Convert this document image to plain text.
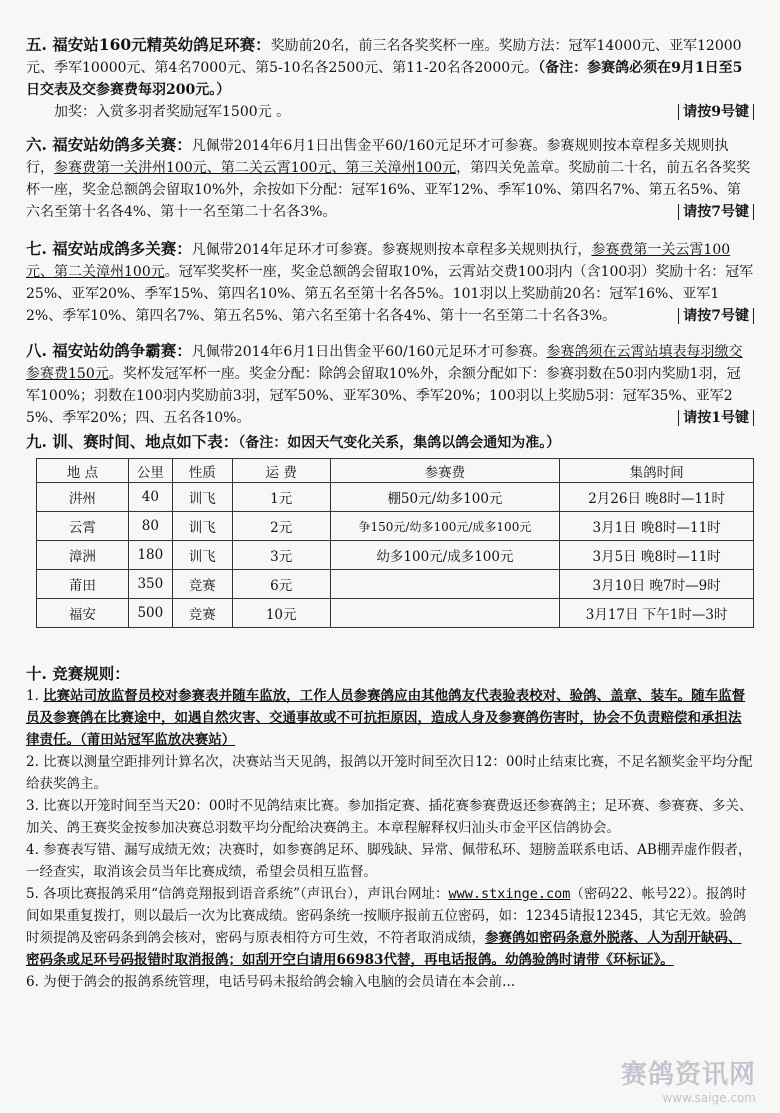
五. 福安站160元精英幼鸽足环赛：奖励前20名，前三名各奖奖杯一座。奖励方法：冠军14000元、亚军12000元、季军10000元、第4名7000元、第5-10名各2500元、第11-20名各2000元。（备注：参赛鸽必须在9月1日至5日交表及交参赛费每羽200元。）
加奖：入赏多羽者奖励冠军1500元 。	请按9号键

六. 福安站幼鸽多关赛：凡佩带2014年6月1日出售金平60/160元足环才可参赛。参赛规则按本章程多关规则执行，参赛费第一关汫州100元、第二关云霄100元、第三关漳州100元，第四关免盖章。奖励前二十名，前五名各奖奖杯一座，奖金总额鸽会留取10%外，余按如下分配：冠军16%、亚军12%、季军10%、第四名7%、第五名5%、第六名至第十名各4%、第十一名至第二十名各3%。	请按7号键

七. 福安站成鸽多关赛：凡佩带2014年足环才可参赛。参赛规则按本章程多关规则执行，参赛费第一关云霄100元、第二关漳州100元。冠军奖奖杯一座，奖金总额鸽会留取10%，云霄站交费100羽内（含100羽）奖励十名：冠军25%、亚军20%、季军15%、第四名10%、第五名至第十名各5%。101羽以上奖励前20名：冠军16%、亚军12%、季军10%、第四名7%、第五名5%、第六名至第十名各4%、第十一名至第二十名各3%。	请按7号键

八. 福安站幼鸽争霸赛：凡佩带2014年6月1日出售金平60/160元足环才可参赛。参赛鸽须在云霄站填表每羽缴交参赛费150元。奖杯发冠军杯一座。奖金分配：除鸽会留取10%外，余额分配如下：参赛羽数在50羽内奖励1羽，冠军100%；羽数在100羽内奖励前3羽，冠军50%、亚军30%、季军20%；100羽以上奖励5羽：冠军35%、亚军25%、季军20%；四、五名各10%。	请按1号键

九. 训、赛时间、地点如下表：（备注：如因天气变化关系，集鸽以鸽会通知为准。）
地 点	公里	性质	运 费	参赛费	集鸽时间
汫州	40	训飞	1元	棚50元/幼多100元	2月26日 晚8时—11时
云霄	80	训飞	2元	争150元/幼多100元/成多100元	3月1日 晚8时—11时
漳洲	180	训飞	3元	幼多100元/成多100元	3月5日 晚8时—11时
莆田	350	竞赛	6元		3月10日 晚7时—9时
福安	500	竞赛	10元		3月17日 下午1时—3时

十. 竞赛规则：

1. 比赛站司放监督员校对参赛表并随车监放，工作人员参赛鸽应由其他鸽友代表验表校对、验鸽、盖章、装车。随车监督员及参赛鸽在比赛途中，如遇自然灾害、交通事故或不可抗拒原因，造成人身及参赛鸽伤害时，协会不负责赔偿和承担法律责任。（莆田站冠军监放决赛站）

2. 比赛以测量空距排列计算名次，决赛站当天见鸽，报鸽以开笼时间至次日12：00时止结束比赛，不足名额奖金平均分配给获奖鸽主。

3. 比赛以开笼时间至当天20：00时不见鸽结束比赛。参加指定赛、插花赛参赛费返还参赛鸽主；足环赛、参赛赛、多关、加关、鸽王赛奖金按参加决赛总羽数平均分配给决赛鸽主。本章程解释权归汕头市金平区信鸽协会。

4. 参赛表写错、漏写成绩无效；决赛时，如参赛鸽足环、脚残缺、异常、佩带私环、翅膀盖联系电话、AB棚弄虚作假者，一经查实，取消该会员当年比赛成绩，希望会员相互监督。

5. 各项比赛报鸽采用“信鸽竞翔报到语音系统”（声讯台），声讯台网址：www.stxinge.com（密码22、帐号22）。报鸽时间如果重复拨打，则以最后一次为比赛成绩。密码条统一按顺序报前五位密码，如：12345请报12345，其它无效。验鸽时须提鸽及密码条到鸽会核对，密码与原表相符方可生效，不符者取消成绩，参赛鸽如密码条意外脱落、人为刮开缺码、密码条或足环号码报错时取消报鸽；如刮开空白请用66983代替，再电话报鸽。幼鸽验鸽时请带《环标证》。

6. 为便于鸽会的报鸽系统管理，电话号码未报给鸽会输入电脑的会员请在本会前...

赛鸽资讯网
www.saige.com
